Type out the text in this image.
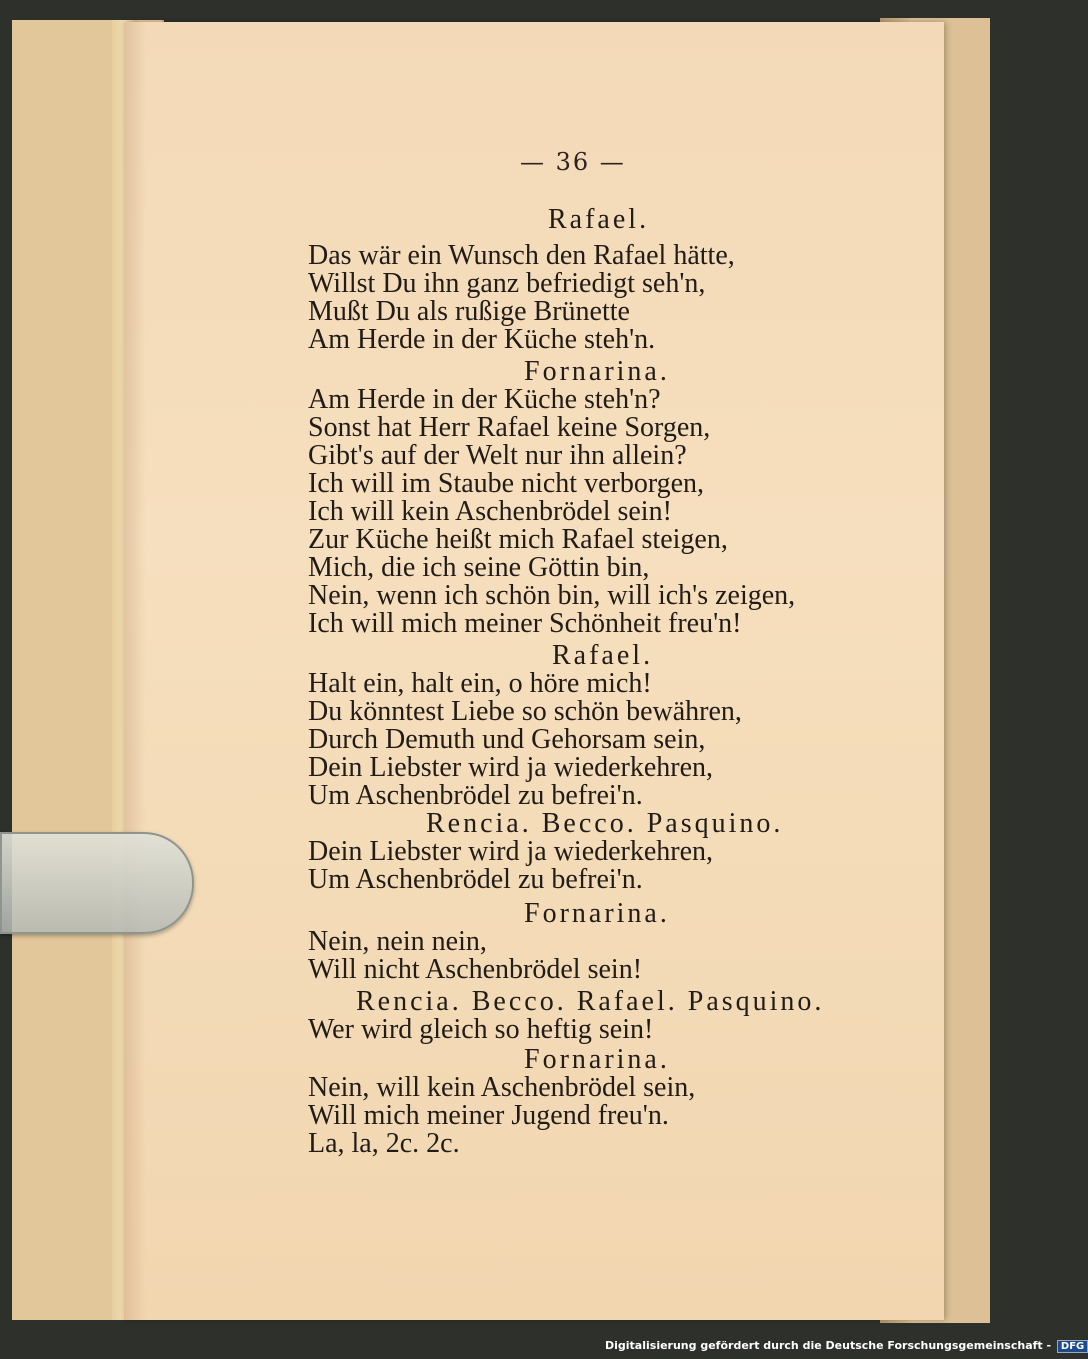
— 36 —
Rafael.
Das wär ein Wunsch den Rafael hätte,
Willst Du ihn ganz befriedigt seh'n,
Mußt Du als rußige Brünette
Am Herde in der Küche steh'n.
Fornarina.
Am Herde in der Küche steh'n?
Sonst hat Herr Rafael keine Sorgen,
Gibt's auf der Welt nur ihn allein?
Ich will im Staube nicht verborgen,
Ich will kein Aschenbrödel sein!
Zur Küche heißt mich Rafael steigen,
Mich, die ich seine Göttin bin,
Nein, wenn ich schön bin, will ich's zeigen,
Ich will mich meiner Schönheit freu'n!
Rafael.
Halt ein, halt ein, o höre mich!
Du könntest Liebe so schön bewähren,
Durch Demuth und Gehorsam sein,
Dein Liebster wird ja wiederkehren,
Um Aschenbrödel zu befrei'n.
Rencia. Becco. Pasquino.
Dein Liebster wird ja wiederkehren,
Um Aschenbrödel zu befrei'n.
Fornarina.
Nein, nein nein,
Will nicht Aschenbrödel sein!
Rencia. Becco. Rafael. Pasquino.
Wer wird gleich so heftig sein!
Fornarina.
Nein, will kein Aschenbrödel sein,
Will mich meiner Jugend freu'n.
La, la, 2c. 2c.
Digitalisierung gefördert durch die Deutsche Forschungsgemeinschaft - DFG
